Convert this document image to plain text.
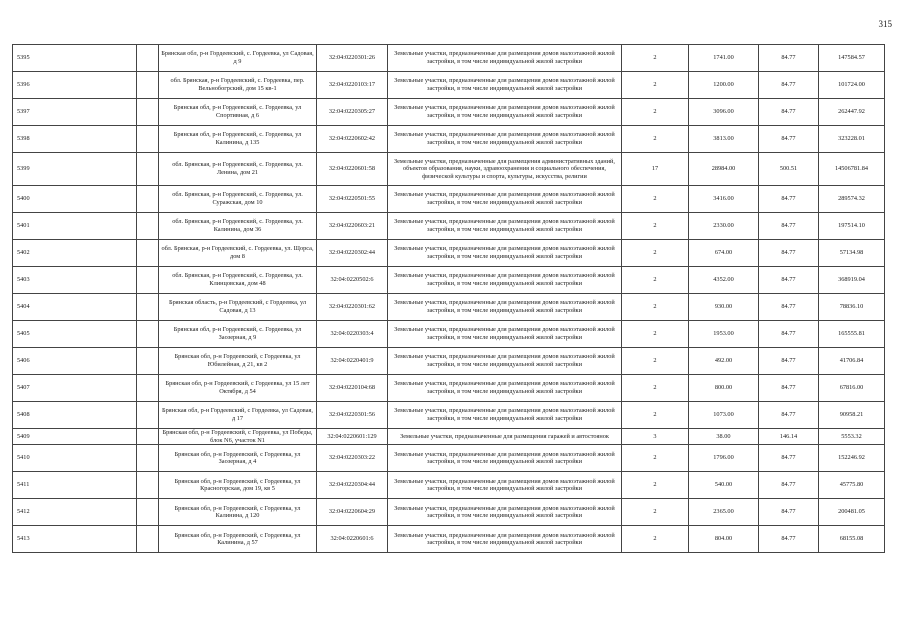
315
5395		Брянская обл, р-н Гордеевский, с. Гордеевка, ул Садовая, д 9	32:04:0220301:26	Земельные участки, предназначенные для размещения домов малоэтажной жилой застройки, в том числе индивидуальной жилой застройки	2	1741.00	84.77	147584.57
5396		обл. Брянская, р-н Гордеевский, с. Гордеевка, пер. Вельнобогрский, дом 15 кв-1	32:04:0220103:17	Земельные участки, предназначенные для размещения домов малоэтажной жилой застройки, в том числе индивидуальной жилой застройки	2	1200.00	84.77	101724.00
5397		Брянская обл, р-н Гордеевский, с. Гордеевка, ул Спортивная, д 6	32:04:0220305:27	Земельные участки, предназначенные для размещения домов малоэтажной жилой застройки, в том числе индивидуальной жилой застройки	2	3096.00	84.77	262447.92
5398		Брянская обл, р-н Гордеевский, с. Гордеевка, ул Калинина, д 135	32:04:0220602:42	Земельные участки, предназначенные для размещения домов малоэтажной жилой застройки, в том числе индивидуальной жилой застройки	2	3813.00	84.77	323228.01
5399		обл. Брянская, р-н Гордеевский, с. Гордеевка, ул. Ленина, дом 21	32:04:0220601:58	Земельные участки, предназначенные для размещения административных зданий, объектов образования, науки, здравоохранения и социального обеспечения, физической культуры и спорта, культуры, искусства, религии	17	28984.00	500.51	14506781.84
5400		обл. Брянская, р-н Гордеевский, с. Гордеевка, ул. Суражская, дом 10	32:04:0220501:55	Земельные участки, предназначенные для размещения домов малоэтажной жилой застройки, в том числе индивидуальной жилой застройки	2	3416.00	84.77	289574.32
5401		обл. Брянская, р-н Гордеевский, с. Гордеевка, ул. Калинина, дом 36	32:04:0220603:21	Земельные участки, предназначенные для размещения домов малоэтажной жилой застройки, в том числе индивидуальной жилой застройки	2	2330.00	84.77	197514.10
5402		обл. Брянская, р-н Гордеевский, с. Гордеевка, ул. Щорса, дом 8	32:04:0220302:44	Земельные участки, предназначенные для размещения домов малоэтажной жилой застройки, в том числе индивидуальной жилой застройки	2	674.00	84.77	57134.98
5403		обл. Брянская, р-н Гордеевский, с. Гордеевка, ул. Клинцовская, дом 48	32:04:0220502:6	Земельные участки, предназначенные для размещения домов малоэтажной жилой застройки, в том числе индивидуальной жилой застройки	2	4352.00	84.77	368919.04
5404		Брянская область, р-н Гордеевский, с Гордеевка, ул Садовая, д 13	32:04:0220301:62	Земельные участки, предназначенные для размещения домов малоэтажной жилой застройки, в том числе индивидуальной жилой застройки	2	930.00	84.77	78836.10
5405		Брянская обл, р-н Гордеевский, с. Гордеевка, ул Заозерная, д 9	32:04:0220303:4	Земельные участки, предназначенные для размещения домов малоэтажной жилой застройки, в том числе индивидуальной жилой застройки	2	1953.00	84.77	165555.81
5406		Брянская обл, р-н Гордеевский, с Гордеевка, ул Юбилейная, д 21, кв 2	32:04:0220401:9	Земельные участки, предназначенные для размещения домов малоэтажной жилой застройки, в том числе индивидуальной жилой застройки	2	492.00	84.77	41706.84
5407		Брянская обл, р-н Гордеевский, с Гордеевка, ул 15 лет Октября, д 54	32:04:0220104:68	Земельные участки, предназначенные для размещения домов малоэтажной жилой застройки, в том числе индивидуальной жилой застройки	2	800.00	84.77	67816.00
5408		Брянская обл, р-н Гордеевский, с Гордеевка, ул Садовая, д 17	32:04:0220301:56	Земельные участки, предназначенные для размещения домов малоэтажной жилой застройки, в том числе индивидуальной жилой застройки	2	1073.00	84.77	90958.21
5409		Брянская обл, р-н Гордеевский, с Гордеевка, ул Победы, блок N6, участок N1	32:04:0220601:129	Земельные участки, предназначенные для размещения гаражей и автостоянок	3	38.00	146.14	5553.32
5410		Брянская обл, р-н Гордеевский, с Гордеевка, ул Заозерная, д 4	32:04:0220303:22	Земельные участки, предназначенные для размещения домов малоэтажной жилой застройки, в том числе индивидуальной жилой застройки	2	1796.00	84.77	152246.92
5411		Брянская обл, р-н Гордеевский, с Гордеевка, ул Красногорская, дом 19, кв 5	32:04:0220304:44	Земельные участки, предназначенные для размещения домов малоэтажной жилой застройки, в том числе индивидуальной жилой застройки	2	540.00	84.77	45775.80
5412		Брянская обл, р-н Гордеевский, с Гордеевка, ул Калинина, д 120	32:04:0220604:29	Земельные участки, предназначенные для размещения домов малоэтажной жилой застройки, в том числе индивидуальной жилой застройки	2	2365.00	84.77	200481.05
5413		Брянская обл, р-н Гордеевский, с Гордеевка, ул Калинина, д 57	32:04:0220601:6	Земельные участки, предназначенные для размещения домов малоэтажной жилой застройки, в том числе индивидуальной жилой застройки	2	804.00	84.77	68155.08
